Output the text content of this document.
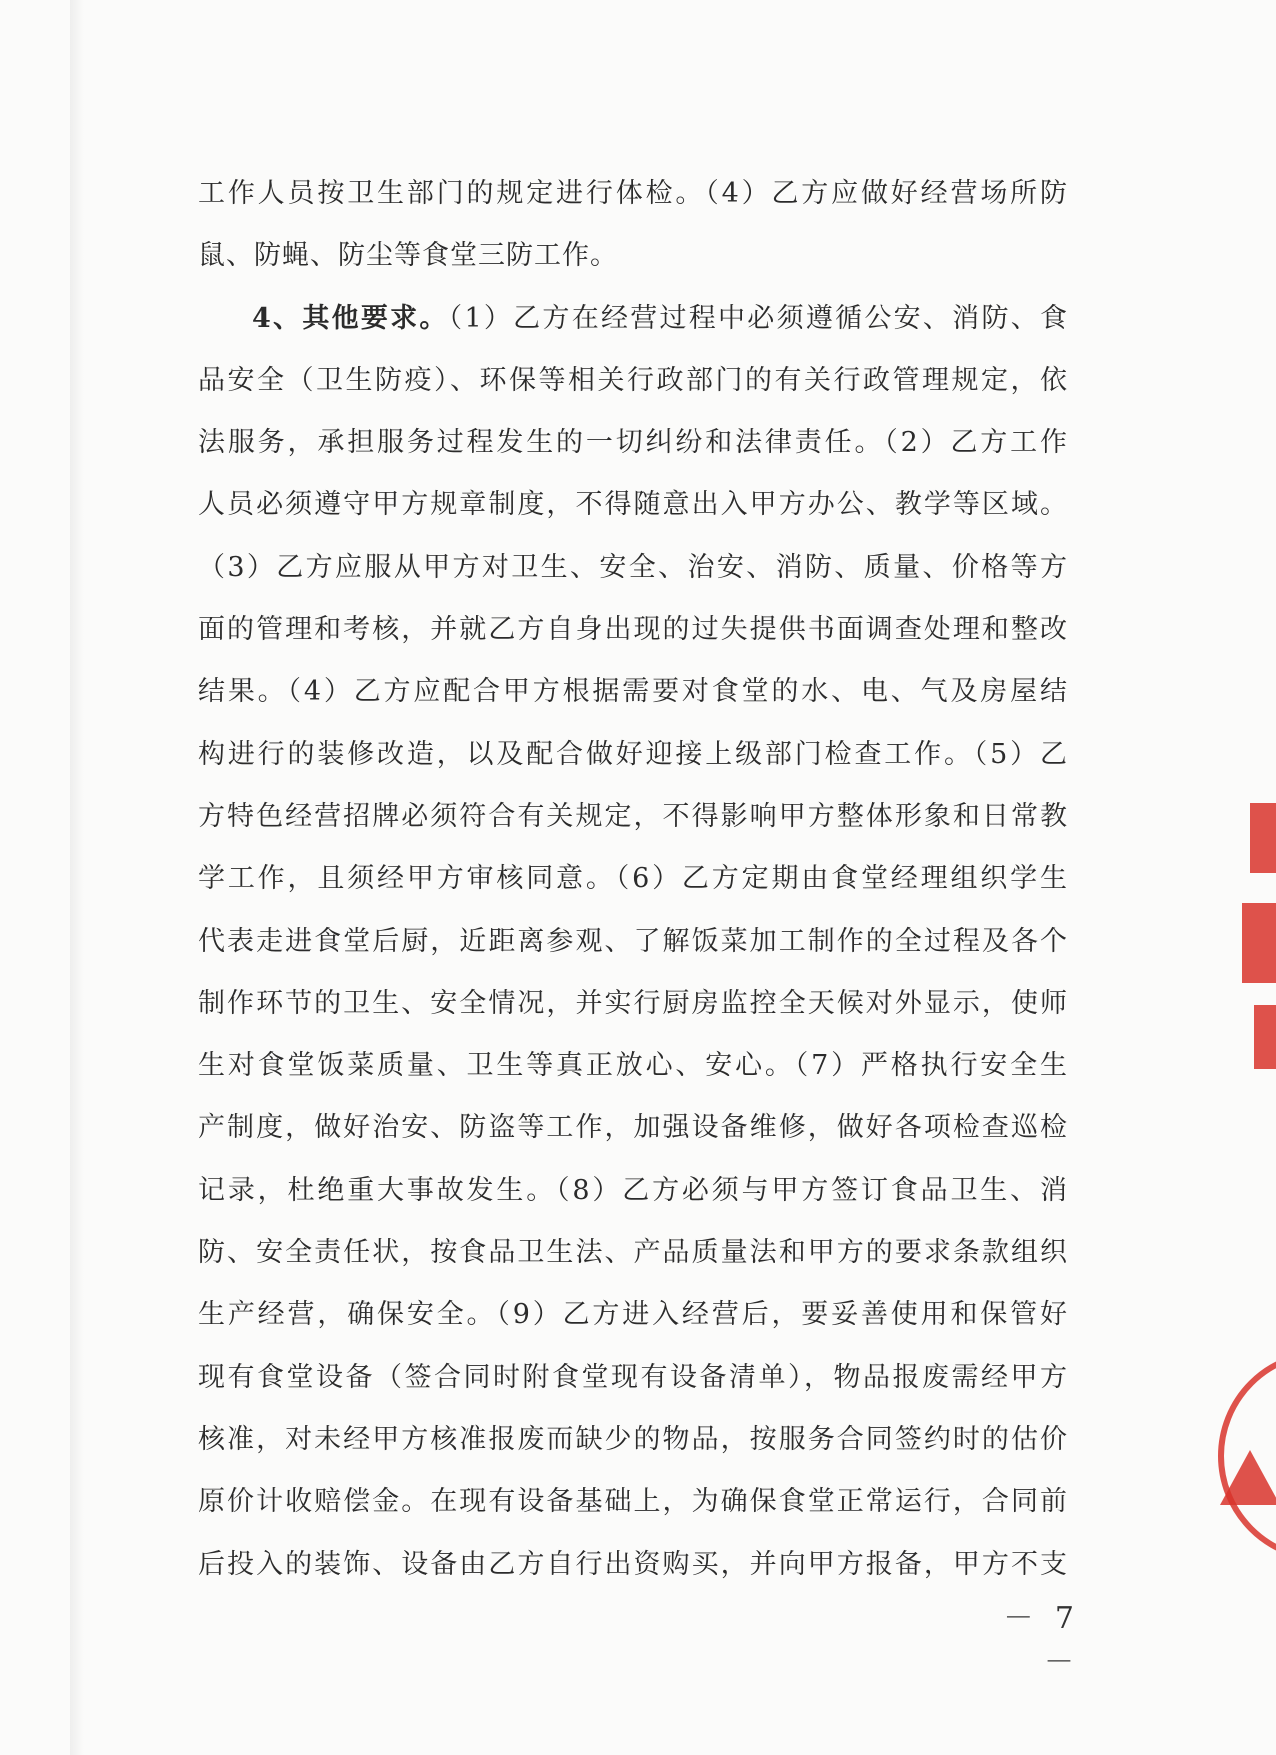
工作人员按卫生部门的规定进行体检。（4）乙方应做好经营场所防
鼠、防蝇、防尘等食堂三防工作。
4、其他要求。（1）乙方在经营过程中必须遵循公安、消防、食
品安全（卫生防疫）、环保等相关行政部门的有关行政管理规定，依
法服务，承担服务过程发生的一切纠纷和法律责任。（2）乙方工作
人员必须遵守甲方规章制度，不得随意出入甲方办公、教学等区域。
（3）乙方应服从甲方对卫生、安全、治安、消防、质量、价格等方
面的管理和考核，并就乙方自身出现的过失提供书面调查处理和整改
结果。（4）乙方应配合甲方根据需要对食堂的水、电、气及房屋结
构进行的装修改造，以及配合做好迎接上级部门检查工作。（5）乙
方特色经营招牌必须符合有关规定，不得影响甲方整体形象和日常教
学工作，且须经甲方审核同意。（6）乙方定期由食堂经理组织学生
代表走进食堂后厨，近距离参观、了解饭菜加工制作的全过程及各个
制作环节的卫生、安全情况，并实行厨房监控全天候对外显示，使师
生对食堂饭菜质量、卫生等真正放心、安心。（7）严格执行安全生
产制度，做好治安、防盗等工作，加强设备维修，做好各项检查巡检
记录，杜绝重大事故发生。（8）乙方必须与甲方签订食品卫生、消
防、安全责任状，按食品卫生法、产品质量法和甲方的要求条款组织
生产经营，确保安全。（9）乙方进入经营后，要妥善使用和保管好
现有食堂设备（签合同时附食堂现有设备清单），物品报废需经甲方
核准，对未经甲方核准报废而缺少的物品，按服务合同签约时的估价
原价计收赔偿金。在现有设备基础上，为确保食堂正常运行，合同前
后投入的装饰、设备由乙方自行出资购买，并向甲方报备，甲方不支
－ 7 －
